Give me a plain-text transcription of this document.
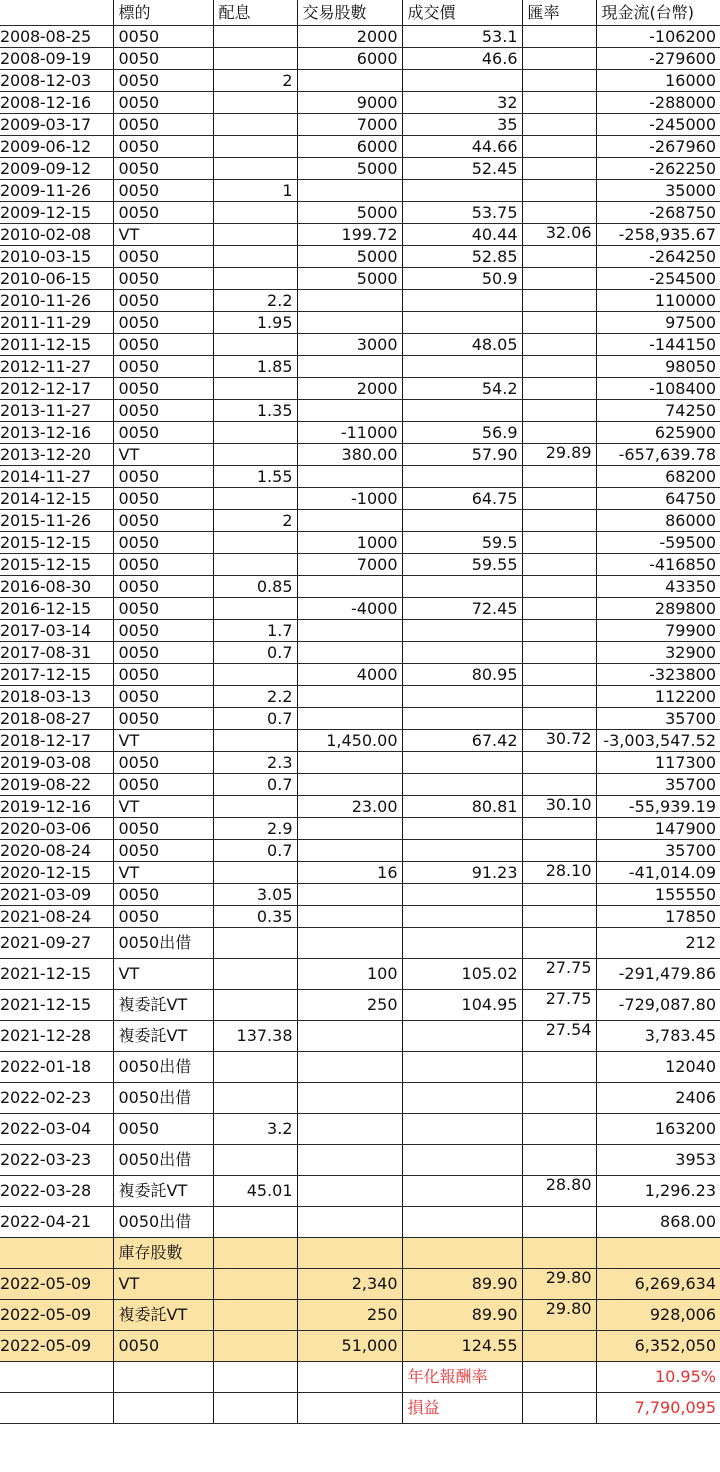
	標的	配息	交易股數	成交價	匯率	現金流(台幣)
2008-08-25	0050		2000	53.1		-106200
2008-09-19	0050		6000	46.6		-279600
2008-12-03	0050	2				16000
2008-12-16	0050		9000	32		-288000
2009-03-17	0050		7000	35		-245000
2009-06-12	0050		6000	44.66		-267960
2009-09-12	0050		5000	52.45		-262250
2009-11-26	0050	1				35000
2009-12-15	0050		5000	53.75		-268750
2010-02-08	VT		199.72	40.44	32.06	-258,935.67
2010-03-15	0050		5000	52.85		-264250
2010-06-15	0050		5000	50.9		-254500
2010-11-26	0050	2.2				110000
2011-11-29	0050	1.95				97500
2011-12-15	0050		3000	48.05		-144150
2012-11-27	0050	1.85				98050
2012-12-17	0050		2000	54.2		-108400
2013-11-27	0050	1.35				74250
2013-12-16	0050		-11000	56.9		625900
2013-12-20	VT		380.00	57.90	29.89	-657,639.78
2014-11-27	0050	1.55				68200
2014-12-15	0050		-1000	64.75		64750
2015-11-26	0050	2				86000
2015-12-15	0050		1000	59.5		-59500
2015-12-15	0050		7000	59.55		-416850
2016-08-30	0050	0.85				43350
2016-12-15	0050		-4000	72.45		289800
2017-03-14	0050	1.7				79900
2017-08-31	0050	0.7				32900
2017-12-15	0050		4000	80.95		-323800
2018-03-13	0050	2.2				112200
2018-08-27	0050	0.7				35700
2018-12-17	VT		1,450.00	67.42	30.72	-3,003,547.52
2019-03-08	0050	2.3				117300
2019-08-22	0050	0.7				35700
2019-12-16	VT		23.00	80.81	30.10	-55,939.19
2020-03-06	0050	2.9				147900
2020-08-24	0050	0.7				35700
2020-12-15	VT		16	91.23	28.10	-41,014.09
2021-03-09	0050	3.05				155550
2021-08-24	0050	0.35				17850
2021-09-27	0050出借					212
2021-12-15	VT		100	105.02	27.75	-291,479.86
2021-12-15	複委託VT		250	104.95	27.75	-729,087.80
2021-12-28	複委託VT	137.38			27.54	3,783.45
2022-01-18	0050出借					12040
2022-02-23	0050出借					2406
2022-03-04	0050	3.2				163200
2022-03-23	0050出借					3953
2022-03-28	複委託VT	45.01			28.80	1,296.23
2022-04-21	0050出借					868.00
	庫存股數					
2022-05-09	VT		2,340	89.90	29.80	6,269,634
2022-05-09	複委託VT		250	89.90	29.80	928,006
2022-05-09	0050		51,000	124.55		6,352,050
				年化報酬率		10.95%
				損益		7,790,095
